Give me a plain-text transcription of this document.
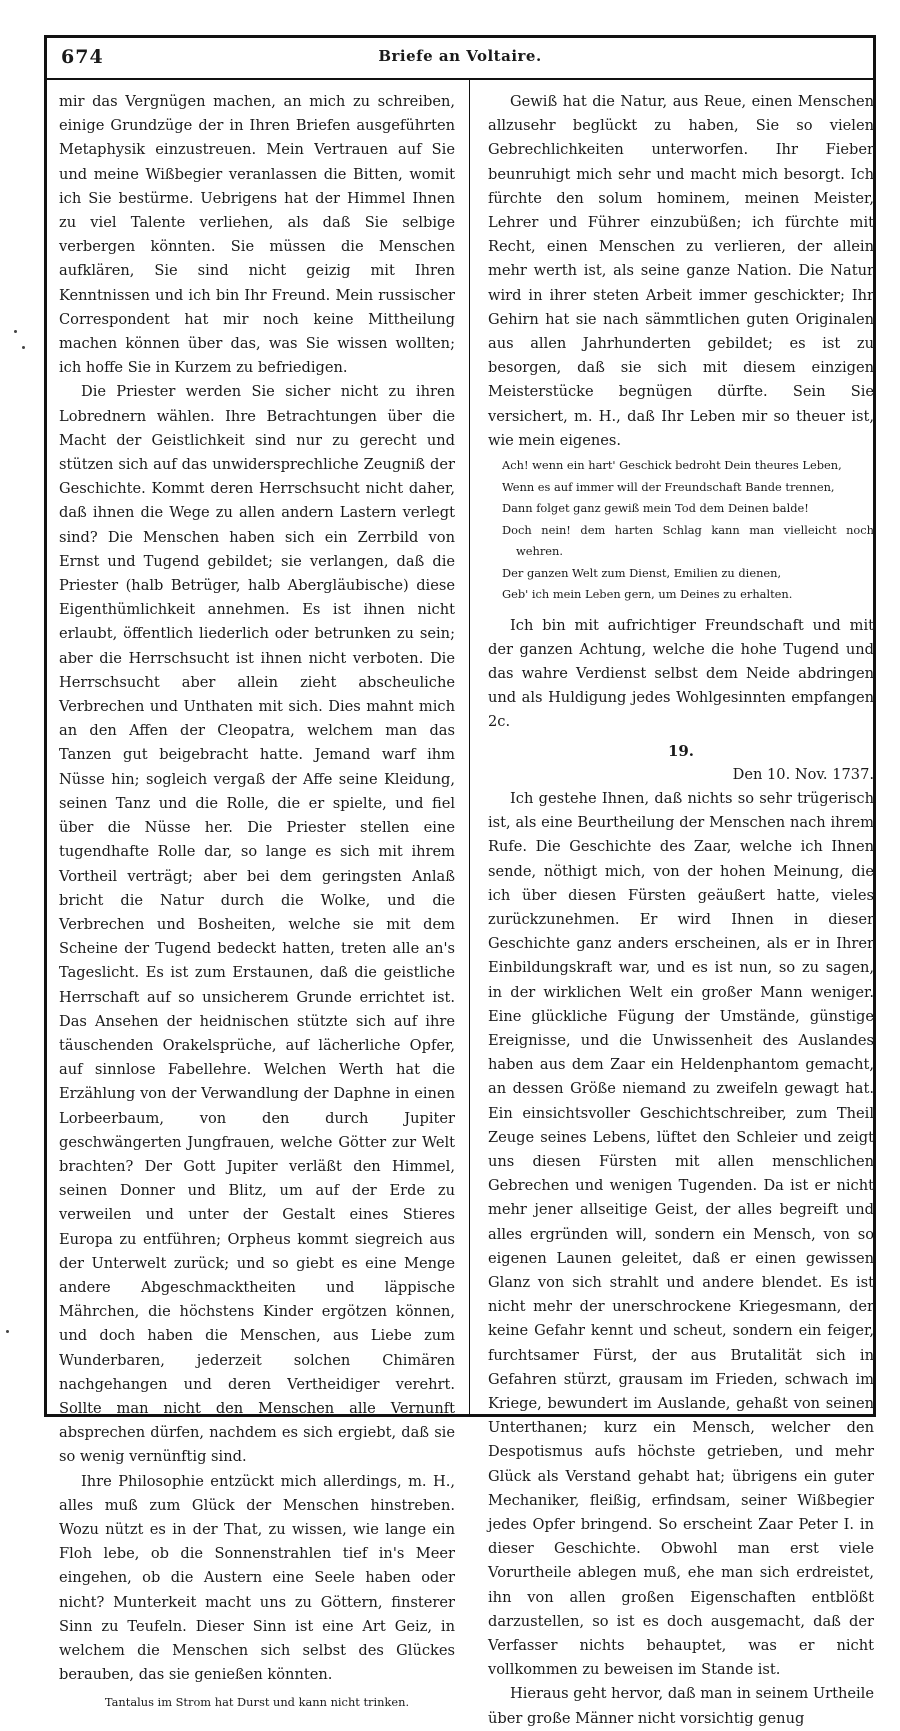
674	Briefe an Voltaire.

mir das Vergnügen machen, an mich zu schreiben, einige Grundzüge der in Ihren Briefen ausgeführten Metaphysik einzustreuen. Mein Vertrauen auf Sie und meine Wißbegier veranlassen die Bitten, womit ich Sie bestürme. Uebrigens hat der Himmel Ihnen zu viel Talente verliehen, als daß Sie selbige verbergen könnten. Sie müssen die Menschen aufklären, Sie sind nicht geizig mit Ihren Kenntnissen und ich bin Ihr Freund. Mein russischer Correspondent hat mir noch keine Mittheilung machen können über das, was Sie wissen wollten; ich hoffe Sie in Kurzem zu befriedigen.

Die Priester werden Sie sicher nicht zu ihren Lobrednern wählen. Ihre Betrachtungen über die Macht der Geistlichkeit sind nur zu gerecht und stützen sich auf das unwidersprechliche Zeugniß der Geschichte. Kommt deren Herrschsucht nicht daher, daß ihnen die Wege zu allen andern Lastern verlegt sind? Die Menschen haben sich ein Zerrbild von Ernst und Tugend gebildet; sie verlangen, daß die Priester (halb Betrüger, halb Abergläubische) diese Eigenthümlichkeit annehmen. Es ist ihnen nicht erlaubt, öffentlich liederlich oder betrunken zu sein; aber die Herrschsucht ist ihnen nicht verboten. Die Herrschsucht aber allein zieht abscheuliche Verbrechen und Unthaten mit sich. Dies mahnt mich an den Affen der Cleopatra, welchem man das Tanzen gut beigebracht hatte. Jemand warf ihm Nüsse hin; sogleich vergaß der Affe seine Kleidung, seinen Tanz und die Rolle, die er spielte, und fiel über die Nüsse her. Die Priester stellen eine tugendhafte Rolle dar, so lange es sich mit ihrem Vortheil verträgt; aber bei dem geringsten Anlaß bricht die Natur durch die Wolke, und die Verbrechen und Bosheiten, welche sie mit dem Scheine der Tugend bedeckt hatten, treten alle an's Tageslicht. Es ist zum Erstaunen, daß die geistliche Herrschaft auf so unsicherem Grunde errichtet ist. Das Ansehen der heidnischen stützte sich auf ihre täuschenden Orakelsprüche, auf lächerliche Opfer, auf sinnlose Fabellehre. Welchen Werth hat die Erzählung von der Verwandlung der Daphne in einen Lorbeerbaum, von den durch Jupiter geschwängerten Jungfrauen, welche Götter zur Welt brachten? Der Gott Jupiter verläßt den Himmel, seinen Donner und Blitz, um auf der Erde zu verweilen und unter der Gestalt eines Stieres Europa zu entführen; Orpheus kommt siegreich aus der Unterwelt zurück; und so giebt es eine Menge andere Abgeschmacktheiten und läppische Mährchen, die höchstens Kinder ergötzen können, und doch haben die Menschen, aus Liebe zum Wunderbaren, jederzeit solchen Chimären nachgehangen und deren Verthеidiger verehrt. Sollte man nicht den Menschen alle Vernunft absprechen dürfen, nachdem es sich ergiebt, daß sie so wenig vernünftig sind.

Ihre Philosophie entzückt mich allerdings, m. H., alles muß zum Glück der Menschen hinstreben. Wozu nützt es in der That, zu wissen, wie lange ein Floh lebe, ob die Sonnenstrahlen tief in's Meer eingehen, ob die Austern eine Seele haben oder nicht? Munterkeit macht uns zu Göttern, finsterer Sinn zu Teufeln. Dieser Sinn ist eine Art Geiz, in welchem die Menschen sich selbst des Glückes berauben, das sie genießen könnten.

Tantalus im Strom hat Durst und kann nicht trinken.

Gewiß hat die Natur, aus Reue, einen Menschen allzusehr beglückt zu haben, Sie so vielen Gebrechlichkeiten unterworfen. Ihr Fieber beunruhigt mich sehr und macht mich besorgt. Ich fürchte den solum hominem, meinen Meister, Lehrer und Führer einzubüßen; ich fürchte mit Recht, einen Menschen zu verlieren, der allein mehr werth ist, als seine ganze Nation. Die Natur wird in ihrer steten Arbeit immer geschickter; Ihr Gehirn hat sie nach sämmtlichen guten Originalen aus allen Jahrhunderten gebildet; es ist zu besorgen, daß sie sich mit diesem einzigen Meisterstücke begnügen dürfte. Sein Sie versichert, m. H., daß Ihr Leben mir so theuer ist, wie mein eigenes.

Ach! wenn ein hart' Geschick bedroht Dein theures Leben,
Wenn es auf immer will der Freundschaft Bande trennen,
Dann folget ganz gewiß mein Tod dem Deinen balde!
Doch nein! dem harten Schlag kann man vielleicht noch wehren.
Der ganzen Welt zum Dienst, Emilien zu dienen,
Geb' ich mein Leben gern, um Deines zu erhalten.

Ich bin mit aufrichtiger Freundschaft und mit der ganzen Achtung, welche die hohe Tugend und das wahre Verdienst selbst dem Neide abdringen und als Huldigung jedes Wohlgesinnten empfangen 2c.

19.

Den 10. Nov. 1737.

Ich gestehe Ihnen, daß nichts so sehr trügerisch ist, als eine Beurtheilung der Menschen nach ihrem Rufe. Die Geschichte des Zaar, welche ich Ihnen sende, nöthigt mich, von der hohen Meinung, die ich über diesen Fürsten geäußert hatte, vieles zurückzunehmen. Er wird Ihnen in dieser Geschichte ganz anders erscheinen, als er in Ihrer Einbildungskraft war, und es ist nun, so zu sagen, in der wirklichen Welt ein großer Mann weniger. Eine glückliche Fügung der Umstände, günstige Ereignisse, und die Unwissenheit des Auslandes haben aus dem Zaar ein Heldenphantom gemacht, an dessen Größe niemand zu zweifeln gewagt hat. Ein einsichtsvoller Geschichtschreiber, zum Theil Zeuge seines Lebens, lüftet den Schleier und zeigt uns diesen Fürsten mit allen menschlichen Gebrechen und wenigen Tugenden. Da ist er nicht mehr jener allseitige Geist, der alles begreift und alles ergründen will, sondern ein Mensch, von so eigenen Launen geleitet, daß er einen gewissen Glanz von sich strahlt und andere blendet. Es ist nicht mehr der unerschrockene Kriegesmann, der keine Gefahr kennt und scheut, sondern ein feiger, furchtsamer Fürst, der aus Brutalität sich in Gefahren stürzt, grausam im Frieden, schwach im Kriege, bewundert im Auslande, gehaßt von seinen Unterthanen; kurz ein Mensch, welcher den Despotismus aufs höchste getrieben, und mehr Glück als Verstand gehabt hat; übrigens ein guter Mechaniker, fleißig, erfindsam, seiner Wißbegier jedes Opfer bringend. So erscheint Zaar Peter I. in dieser Geschichte. Obwohl man erst viele Vorurtheile ablegen muß, ehe man sich erdreistet, ihn von allen großen Eigenschaften entblößt darzustellen, so ist es doch ausgemacht, daß der Verfasser nichts behauptet, was er nicht vollkommen zu beweisen im Stande ist.

Hieraus geht hervor, daß man in seinem Urtheile über große Männer nicht vorsichtig genug
